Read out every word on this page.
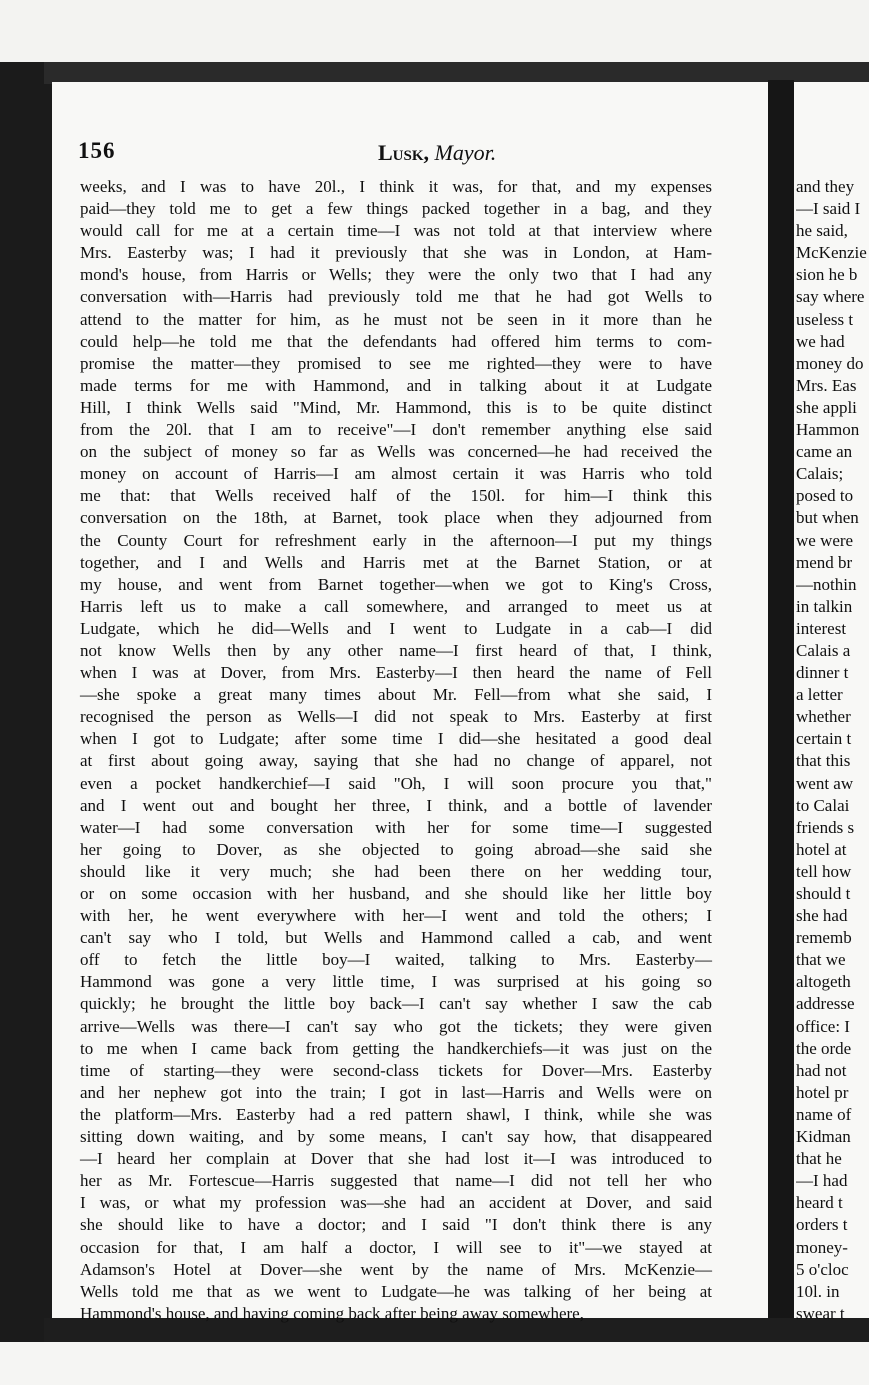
156	Lusk, Mayor.
weeks, and I was to have 20l., I think it was, for that, and my expenses
paid—they told me to get a few things packed together in a bag, and they
would call for me at a certain time—I was not told at that interview where
Mrs. Easterby was; I had it previously that she was in London, at Ham-
mond's house, from Harris or Wells; they were the only two that I had any
conversation with—Harris had previously told me that he had got Wells to
attend to the matter for him, as he must not be seen in it more than he
could help—he told me that the defendants had offered him terms to com-
promise the matter—they promised to see me righted—they were to have
made terms for me with Hammond, and in talking about it at Ludgate
Hill, I think Wells said "Mind, Mr. Hammond, this is to be quite distinct
from the 20l. that I am to receive"—I don't remember anything else said
on the subject of money so far as Wells was concerned—he had received the
money on account of Harris—I am almost certain it was Harris who told
me that: that Wells received half of the 150l. for him—I think this
conversation on the 18th, at Barnet, took place when they adjourned from
the County Court for refreshment early in the afternoon—I put my things
together, and I and Wells and Harris met at the Barnet Station, or at
my house, and went from Barnet together—when we got to King's Cross,
Harris left us to make a call somewhere, and arranged to meet us at
Ludgate, which he did—Wells and I went to Ludgate in a cab—I did
not know Wells then by any other name—I first heard of that, I think,
when I was at Dover, from Mrs. Easterby—I then heard the name of Fell
—she spoke a great many times about Mr. Fell—from what she said, I
recognised the person as Wells—I did not speak to Mrs. Easterby at first
when I got to Ludgate; after some time I did—she hesitated a good deal
at first about going away, saying that she had no change of apparel, not
even a pocket handkerchief—I said "Oh, I will soon procure you that,"
and I went out and bought her three, I think, and a bottle of lavender
water—I had some conversation with her for some time—I suggested
her going to Dover, as she objected to going abroad—she said she
should like it very much; she had been there on her wedding tour,
or on some occasion with her husband, and she should like her little boy
with her, he went everywhere with her—I went and told the others; I
can't say who I told, but Wells and Hammond called a cab, and went
off to fetch the little boy—I waited, talking to Mrs. Easterby—
Hammond was gone a very little time, I was surprised at his going so
quickly; he brought the little boy back—I can't say whether I saw the cab
arrive—Wells was there—I can't say who got the tickets; they were given
to me when I came back from getting the handkerchiefs—it was just on the
time of starting—they were second-class tickets for Dover—Mrs. Easterby
and her nephew got into the train; I got in last—Harris and Wells were on
the platform—Mrs. Easterby had a red pattern shawl, I think, while she was
sitting down waiting, and by some means, I can't say how, that disappeared
—I heard her complain at Dover that she had lost it—I was introduced to
her as Mr. Fortescue—Harris suggested that name—I did not tell her who
I was, or what my profession was—she had an accident at Dover, and said
she should like to have a doctor; and I said "I don't think there is any
occasion for that, I am half a doctor, I will see to it"—we stayed at
Adamson's Hotel at Dover—she went by the name of Mrs. McKenzie—
Wells told me that as we went to Ludgate—he was talking of her being at
Hammond's house, and having coming back after being away somewhere,
and they
—I said I
he said,
McKenzie
sion he b
say where
useless t
we had
money do
Mrs. Eas
she appli
Hammon
came an
Calais;
posed to
but when
we were
mend br
—nothin
in talkin
interest
Calais a
dinner t
a letter
whether
certain t
that this
went aw
to Calai
friends s
hotel at
tell how
should t
she had
rememb
that we
altogeth
addresse
office: I
the orde
had not
hotel pr
name of
Kidman
that he
—I had
heard t
orders t
money-
5 o'cloc
10l. in
swear t
